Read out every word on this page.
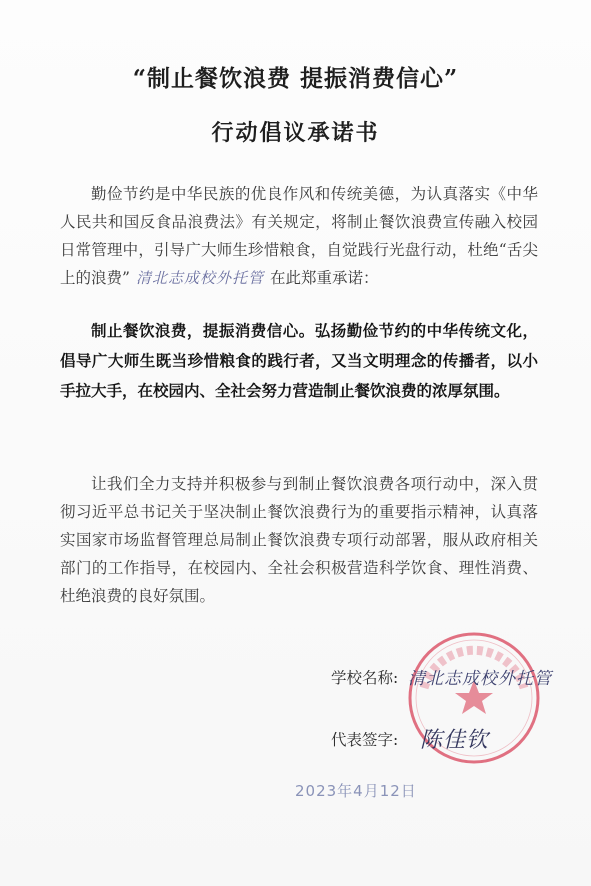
“制止餐饮浪费 提振消费信心”
行动倡议承诺书

勤俭节约是中华民族的优良作风和传统美德，为认真落实《中华人民共和国反食品浪费法》有关规定，将制止餐饮浪费宣传融入校园日常管理中，引导广大师生珍惜粮食，自觉践行光盘行动，杜绝“舌尖上的浪费” 清北志成校外托管 在此郑重承诺：

制止餐饮浪费，提振消费信心。弘扬勤俭节约的中华传统文化，倡导广大师生既当珍惜粮食的践行者，又当文明理念的传播者，以小手拉大手，在校园内、全社会努力营造制止餐饮浪费的浓厚氛围。

让我们全力支持并积极参与到制止餐饮浪费各项行动中，深入贯彻习近平总书记关于坚决制止餐饮浪费行为的重要指示精神，认真落实国家市场监督管理总局制止餐饮浪费专项行动部署，服从政府相关部门的工作指导，在校园内、全社会积极营造科学饮食、理性消费、杜绝浪费的良好氛围。

学校名称: 清北志成校外托管
代表签字: 陈佳钦
2023年4月12日
